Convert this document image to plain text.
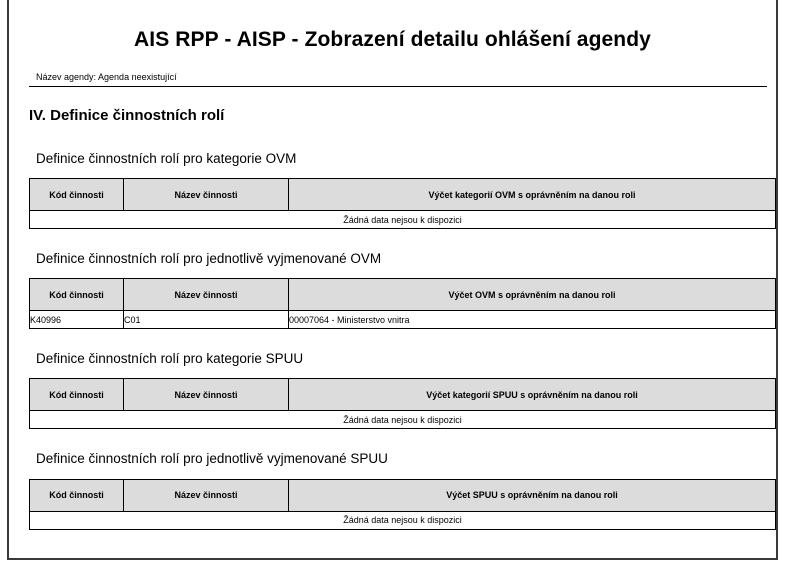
AIS RPP - AISP - Zobrazení detailu ohlášení agendy
Název agendy: Agenda neexistující
IV. Definice činnostních rolí
Definice činnostních rolí pro kategorie OVM
Kód činnosti	Název činnosti	Výčet kategorií OVM s oprávněním na danou roli
Žádná data nejsou k dispozici
Definice činnostních rolí pro jednotlivě vyjmenované OVM
Kód činnosti	Název činnosti	Výčet OVM s oprávněním na danou roli
K40996	C01	00007064 - Ministerstvo vnitra
Definice činnostních rolí pro kategorie SPUU
Kód činnosti	Název činnosti	Výčet kategorií SPUU s oprávněním na danou roli
Žádná data nejsou k dispozici
Definice činnostních rolí pro jednotlivě vyjmenované SPUU
Kód činnosti	Název činnosti	Výčet SPUU s oprávněním na danou roli
Žádná data nejsou k dispozici
